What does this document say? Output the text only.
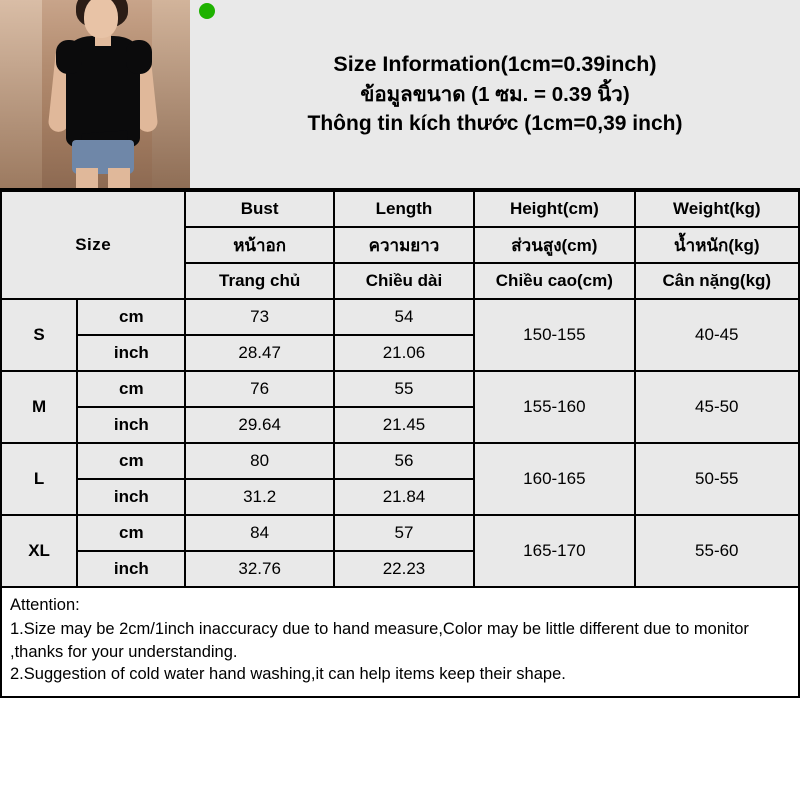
Size Information(1cm=0.39inch)
ข้อมูลขนาด (1 ซม. = 0.39 นิ้ว)
Thông tin kích thước (1cm=0,39 inch)
Size		Bust	Length	Height(cm)	Weight(kg)
		หน้าอก	ความยาว	ส่วนสูง(cm)	น้ำหนัก(kg)
		Trang chủ	Chiều dài	Chiều cao(cm)	Cân nặng(kg)
S	cm	73	54	150-155	40-45
	inch	28.47	21.06		
M	cm	76	55	155-160	45-50
	inch	29.64	21.45		
L	cm	80	56	160-165	50-55
	inch	31.2	21.84		
XL	cm	84	57	165-170	55-60
	inch	32.76	22.23		

Attention:

1.Size may be 2cm/1inch inaccuracy due to hand measure,Color may be little different due to monitor ,thanks for your understanding.

2.Suggestion of cold water hand washing,it can help items keep their shape.
